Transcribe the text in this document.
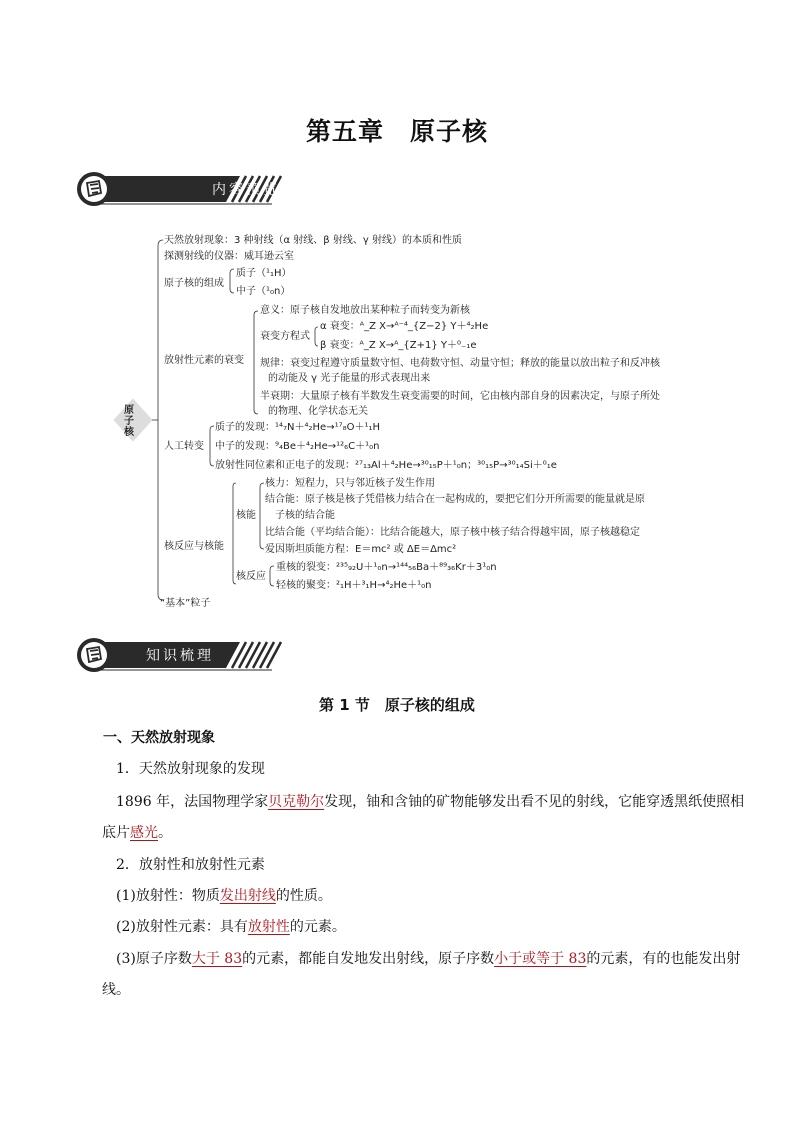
第五章　原子核
内容预览
原子核
天然放射现象：3 种射线（α 射线、β 射线、γ 射线）的本质和性质
探测射线的仪器：威耳逊云室
原子核的组成
质子（¹₁H）
中子（¹₀n）
放射性元素的衰变
意义：原子核自发地放出某种粒子而转变为新核
衰变方程式
α 衰变：ᴬ_Z X→ᴬ⁻⁴_{Z−2} Y＋⁴₂He
β 衰变：ᴬ_Z X→ᴬ_{Z+1} Y＋⁰₋₁e
规律：衰变过程遵守质量数守恒、电荷数守恒、动量守恒；释放的能量以放出粒子和反冲核
的动能及 γ 光子能量的形式表现出来
半衰期：大量原子核有半数发生衰变需要的时间，它由核内部自身的因素决定，与原子所处
的物理、化学状态无关
人工转变
质子的发现：¹⁴₇N＋⁴₂He→¹⁷₈O＋¹₁H
中子的发现：⁹₄Be＋⁴₂He→¹²₆C＋¹₀n
放射性同位素和正电子的发现：²⁷₁₃Al＋⁴₂He→³⁰₁₅P＋¹₀n；³⁰₁₅P→³⁰₁₄Si＋⁰₁e
核反应与核能
核能
核力：短程力，只与邻近核子发生作用
结合能：原子核是核子凭借核力结合在一起构成的，要把它们分开所需要的能量就是原
子核的结合能
比结合能（平均结合能）：比结合能越大，原子核中核子结合得越牢固，原子核越稳定
爱因斯坦质能方程：E＝mc² 或 ΔE＝Δmc²
核反应
重核的裂变：²³⁵₉₂U＋¹₀n→¹⁴⁴₅₆Ba＋⁸⁹₃₆Kr＋3¹₀n
轻核的聚变：²₁H＋³₁H→⁴₂He＋¹₀n
“基本”粒子
知识梳理
第 1 节　原子核的组成
一、天然放射现象
1．天然放射现象的发现
1896 年，法国物理学家贝克勒尔发现，铀和含铀的矿物能够发出看不见的射线，它能穿透黑纸使照相
底片感光。
2．放射性和放射性元素
(1)放射性：物质发出射线的性质。
(2)放射性元素：具有放射性的元素。
(3)原子序数大于 83的元素，都能自发地发出射线，原子序数小于或等于 83的元素，有的也能发出射
线。
